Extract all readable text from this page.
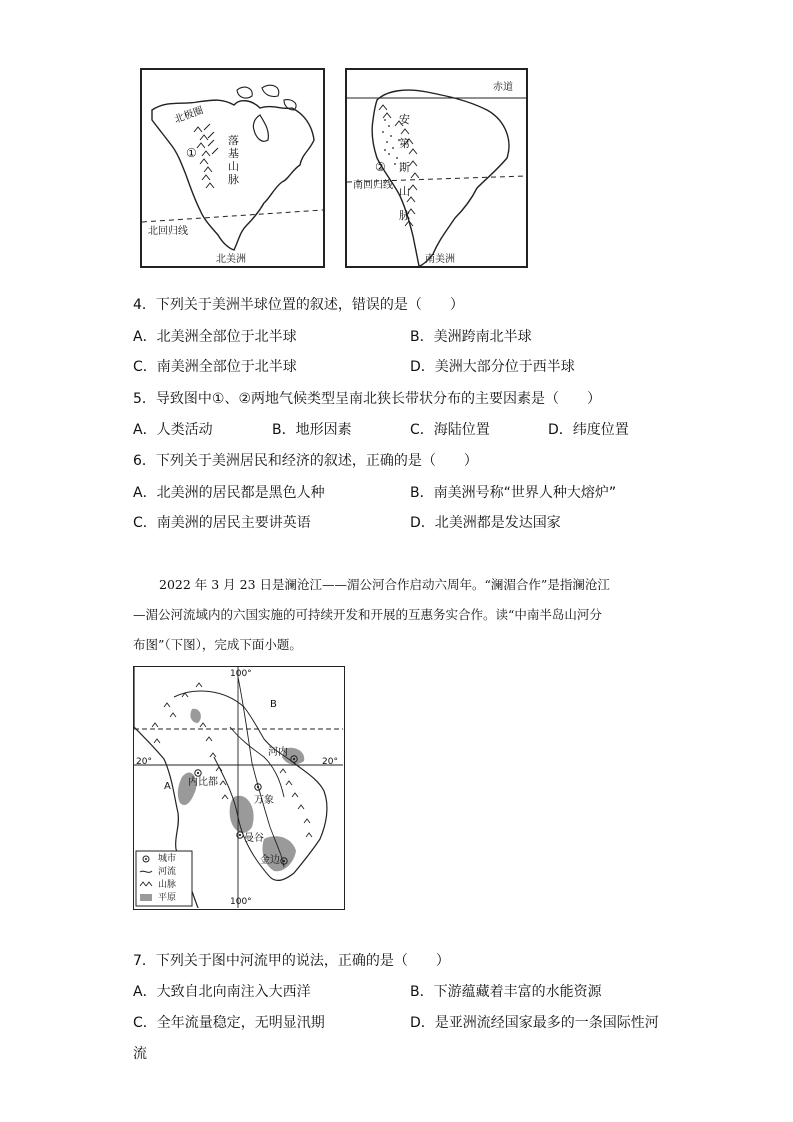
北极圈
①
落基山脉
北回归线
北美洲
赤道
安第斯山脉
②
南回归线
南美洲
4．下列关于美洲半球位置的叙述，错误的是（　　）
A．北美洲全部位于北半球	B．美洲跨南北半球
C．南美洲全部位于北半球	D．美洲大部分位于西半球
5．导致图中①、②两地气候类型呈南北狭长带状分布的主要因素是（　　）
A．人类活动	B．地形因素	C．海陆位置	D．纬度位置
6．下列关于美洲居民和经济的叙述，正确的是（　　）
A．北美洲的居民都是黑色人种	B．南美洲号称“世界人种大熔炉”
C．南美洲的居民主要讲英语	D．北美洲都是发达国家

2022 年 3 月 23 日是澜沧江——湄公河合作启动六周年。“澜湄合作”是指澜沧江

—湄公河流域内的六国实施的可持续开发和开展的互惠务实合作。读“中南半岛山河分

布图”（下图），完成下面小题。

100°
100°
20°	20°
A
B
河内
内比都
万象
曼谷
金边
城市
河流
山脉
平原
7．下列关于图中河流甲的说法，正确的是（　　）
A．大致自北向南注入大西洋	B．下游蕴藏着丰富的水能资源
C．全年流量稳定，无明显汛期	D．是亚洲流经国家最多的一条国际性河
流
